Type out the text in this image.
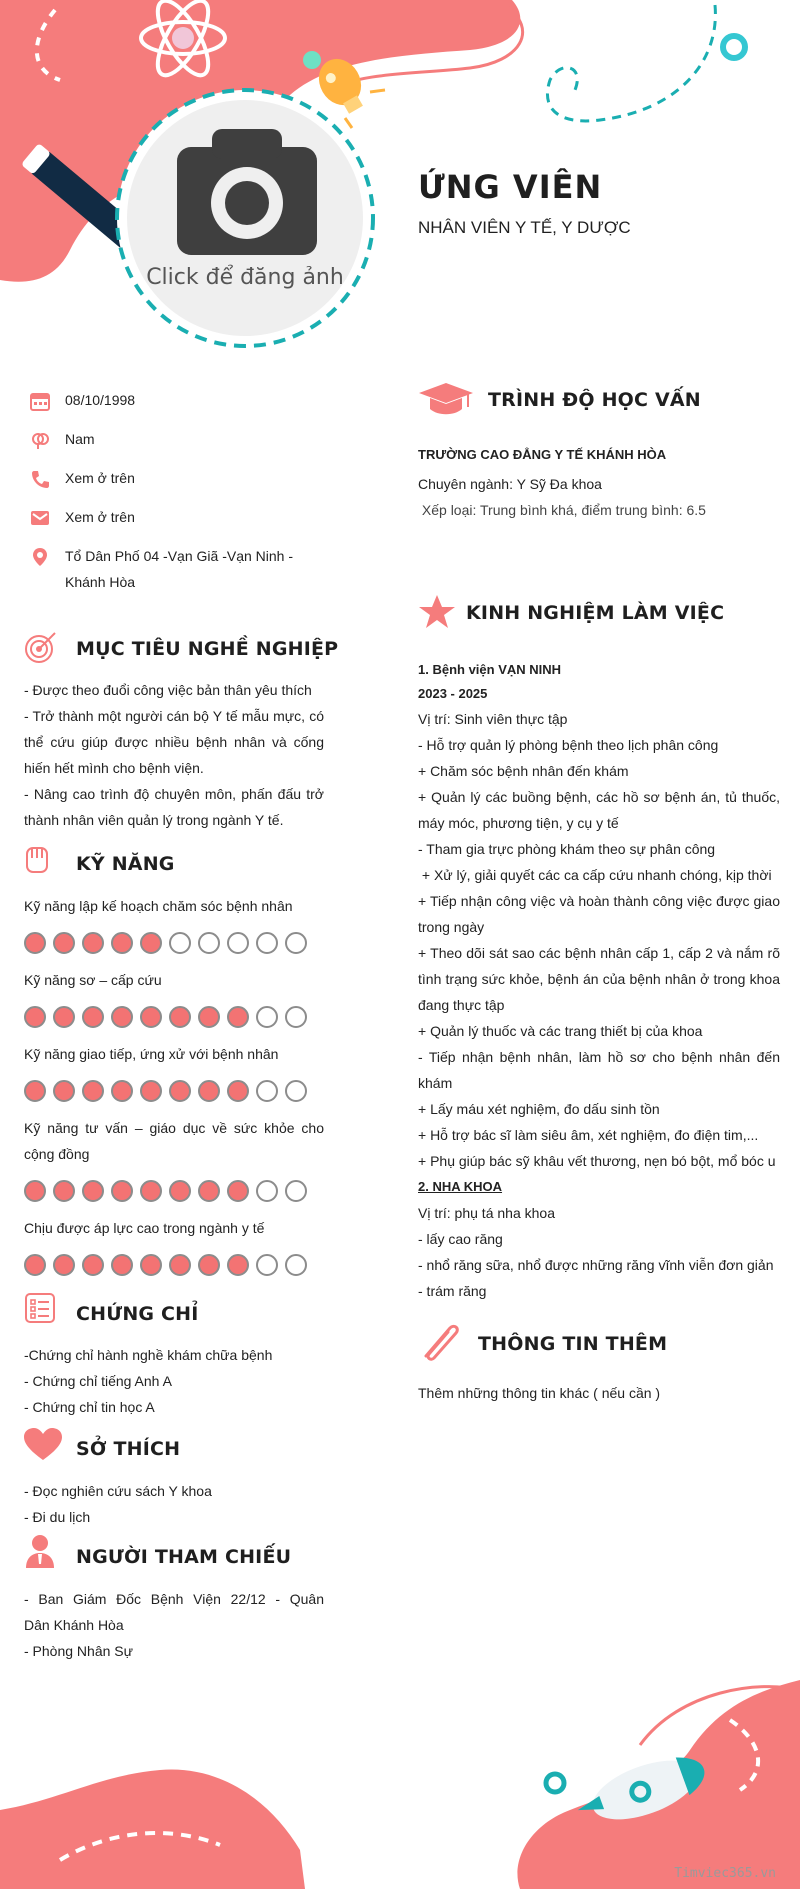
Click để đăng ảnh
ỨNG VIÊN
NHÂN VIÊN Y TẾ, Y DƯỢC
08/10/1998
Nam
Xem ở trên
Xem ở trên
Tổ Dân Phố 04 -Vạn Giã -Vạn Ninh - Khánh Hòa
MỤC TIÊU NGHỀ NGHIỆP
- Được theo đuổi công việc bản thân yêu thích
- Trở thành một người cán bộ Y tế mẫu mực, có thể cứu giúp được nhiều bệnh nhân và cống hiến hết mình cho bệnh viện.
- Nâng cao trình độ chuyên môn, phấn đấu trở thành nhân viên quản lý trong ngành Y tế.
KỸ NĂNG
Kỹ năng lập kế hoạch chăm sóc bệnh nhân
Kỹ năng sơ – cấp cứu
Kỹ năng giao tiếp, ứng xử với bệnh nhân
Kỹ năng tư vấn – giáo dục về sức khỏe cho cộng đồng
Chịu được áp lực cao trong ngành y tế
CHỨNG CHỈ
-Chứng chỉ hành nghề khám chữa bệnh
- Chứng chỉ tiếng Anh A
- Chứng chỉ tin học A
SỞ THÍCH
- Đọc nghiên cứu sách Y khoa
- Đi du lịch
NGƯỜI THAM CHIẾU
- Ban Giám Đốc Bệnh Viện 22/12 - Quân       Dân Khánh Hòa
- Phòng Nhân Sự
TRÌNH ĐỘ HỌC VẤN
TRƯỜNG CAO ĐẲNG Y TẾ KHÁNH HÒA
Chuyên ngành: Y Sỹ Đa khoa
Xếp loại: Trung bình khá, điểm trung bình: 6.5
KINH NGHIỆM LÀM VIỆC
1. Bệnh viện VẠN NINH
2023 - 2025
Vị trí: Sinh viên thực tập
- Hỗ trợ quản lý phòng bệnh theo lịch phân công
+ Chăm sóc bệnh nhân đến khám
+ Quản lý các buồng bệnh, các hồ sơ bệnh án, tủ thuốc, máy móc, phương tiện, y cụ y tế
- Tham gia trực phòng khám theo sự phân công
+ Xử lý, giải quyết các ca cấp cứu nhanh chóng, kịp thời
+ Tiếp nhận công việc và hoàn thành công việc được giao trong ngày
+ Theo dõi sát sao các bệnh nhân cấp 1, cấp 2 và nắm rõ tình trạng sức khỏe, bệnh án của bệnh nhân ở trong khoa đang thực tập
+ Quản lý thuốc và các trang thiết bị của khoa
- Tiếp nhận bệnh nhân, làm hồ sơ cho bệnh nhân đến khám
+ Lấy máu xét nghiệm, đo dấu sinh tồn
+ Hỗ trợ bác sĩ làm siêu âm, xét nghiệm, đo điện tim,...
+ Phụ giúp bác sỹ khâu vết thương, nẹn bó bột, mổ bóc u
2. NHA KHOA
Vị trí: phụ tá nha khoa
- lấy cao răng
- nhổ răng sữa, nhổ được những răng vĩnh viễn đơn giản
- trám răng
THÔNG TIN THÊM
Thêm những thông tin khác ( nếu cần )
Timviec365.vn
